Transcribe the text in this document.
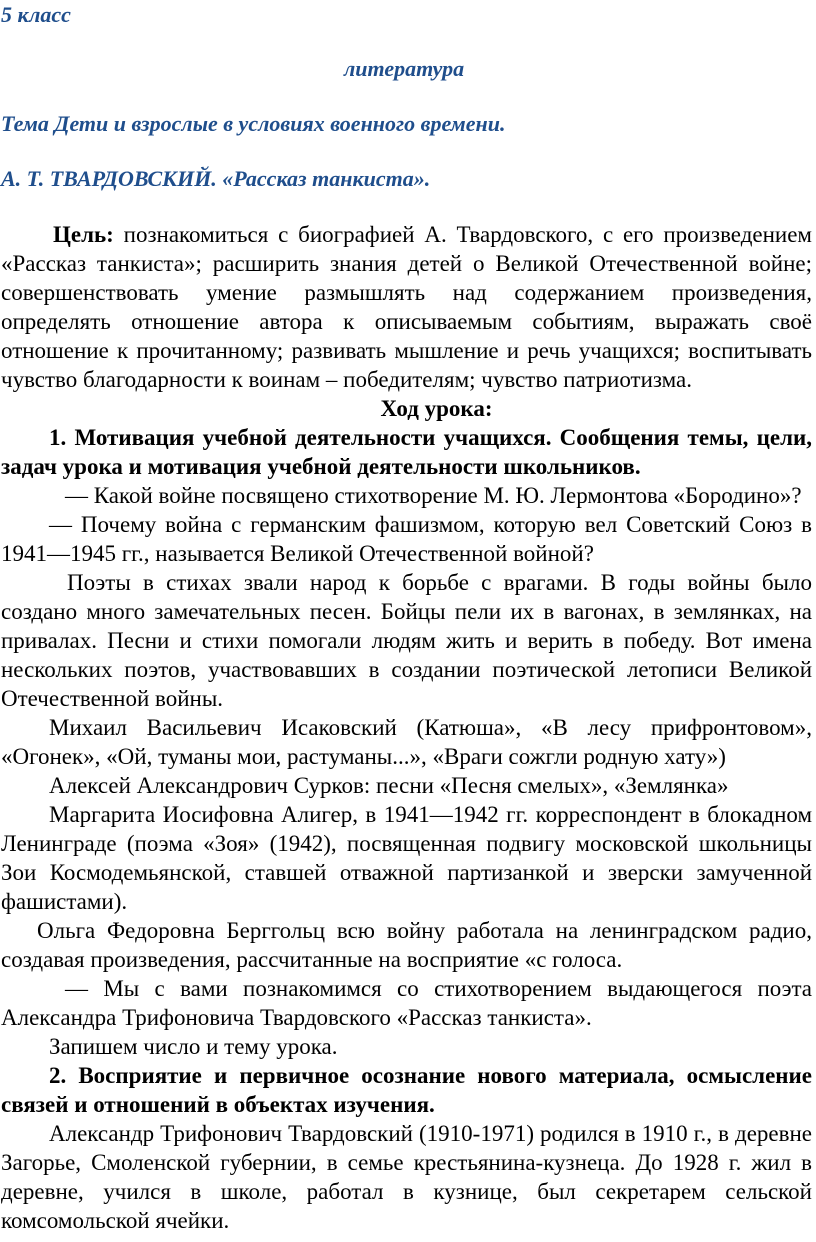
5 класс
литература
Тема Дети и взрослые в условиях военного времени.
А. Т. ТВАРДОВСКИЙ. «Рассказ танкиста».

Цель: познакомиться с биографией А. Твардовского, с его произведением «Рассказ танкиста»; расширить знания детей о Великой Отечественной войне; совершенствовать умение размышлять над содержанием произведения, определять отношение автора к описываемым событиям, выражать своё отношение к прочитанному; развивать мышление и речь учащихся; воспитывать чувство благодарности к воинам – победителям; чувство патриотизма.

Ход урока:

1. Мотивация учебной деятельности учащихся. Сообщения темы, цели, задач урока и мотивация учебной деятельности школьников.

— Какой войне посвящено стихотворение М. Ю. Лермонтова «Бородино»?

— Почему война с германским фашизмом, которую вел Советский Союз в 1941—1945 гг., называется Великой Отечественной войной?

Поэты в стихах звали народ к борьбе с врагами. В годы войны было создано много замечательных песен. Бойцы пели их в вагонах, в землянках, на привалах. Песни и стихи помогали людям жить и верить в победу. Вот имена нескольких поэтов, участвовавших в создании поэтической летописи Великой Отечественной войны.

Михаил Васильевич Исаковский (Катюша», «В лесу прифронтовом», «Огонек», «Ой, туманы мои, растуманы...», «Враги сожгли родную хату»)

Алексей Александрович Сурков: песни «Песня смелых», «Землянка»

Маргарита Иосифовна Алигер, в 1941—1942 гг. корреспондент в блокадном Ленинграде (поэма «Зоя» (1942), посвященная подвигу московской школьницы Зои Космодемьянской, ставшей отважной партизанкой и зверски замученной фашистами).

Ольга Федоровна Берггольц всю войну работала на ленинградском радио, создавая произведения, рассчитанные на восприятие «с голоса.

— Мы с вами познакомимся со стихотворением выдающегося поэта Александра Трифоновича Твардовского «Рассказ танкиста».

Запишем число и тему урока.

2. Восприятие и первичное осознание нового материала, осмысление связей и отношений в объектах изучения.

Александр Трифонович Твардовский (1910-1971) родился в 1910 г., в деревне Загорье, Смоленской губернии, в семье крестьянина-кузнеца. До 1928 г. жил в деревне, учился в школе, работал в кузнице, был секретарем сельской комсомольской ячейки.
